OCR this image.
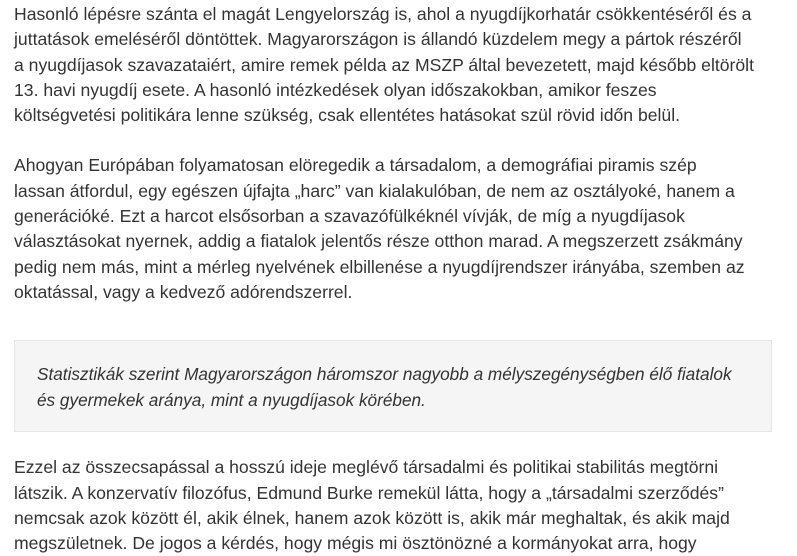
Hasonló lépésre szánta el magát Lengyelország is, ahol a nyugdíjkorhatár csökkentéséről és a
juttatások emeléséről döntöttek. Magyarországon is állandó küzdelem megy a pártok részéről
a nyugdíjasok szavazataiért, amire remek példa az MSZP által bevezetett, majd később eltörölt
13. havi nyugdíj esete. A hasonló intézkedések olyan időszakokban, amikor feszes
költségvetési politikára lenne szükség, csak ellentétes hatásokat szül rövid időn belül.

Ahogyan Európában folyamatosan elöregedik a társadalom, a demográfiai piramis szép
lassan átfordul, egy egészen újfajta „harc” van kialakulóban, de nem az osztályoké, hanem a
generációké. Ezt a harcot elsősorban a szavazófülkéknél vívják, de míg a nyugdíjasok
választásokat nyernek, addig a fiatalok jelentős része otthon marad. A megszerzett zsákmány
pedig nem más, mint a mérleg nyelvének elbillenése a nyugdíjrendszer irányába, szemben az
oktatással, vagy a kedvező adórendszerrel.

Statisztikák szerint Magyarországon háromszor nagyobb a mélyszegénységben élő fiatalok
és gyermekek aránya, mint a nyugdíjasok körében.

Ezzel az összecsapással a hosszú ideje meglévő társadalmi és politikai stabilitás megtörni
látszik. A konzervatív filozófus, Edmund Burke remekül látta, hogy a „társadalmi szerződés”
nemcsak azok között él, akik élnek, hanem azok között is, akik már meghaltak, és akik majd
megszületnek. De jogos a kérdés, hogy mégis mi ösztönözné a kormányokat arra, hogy
